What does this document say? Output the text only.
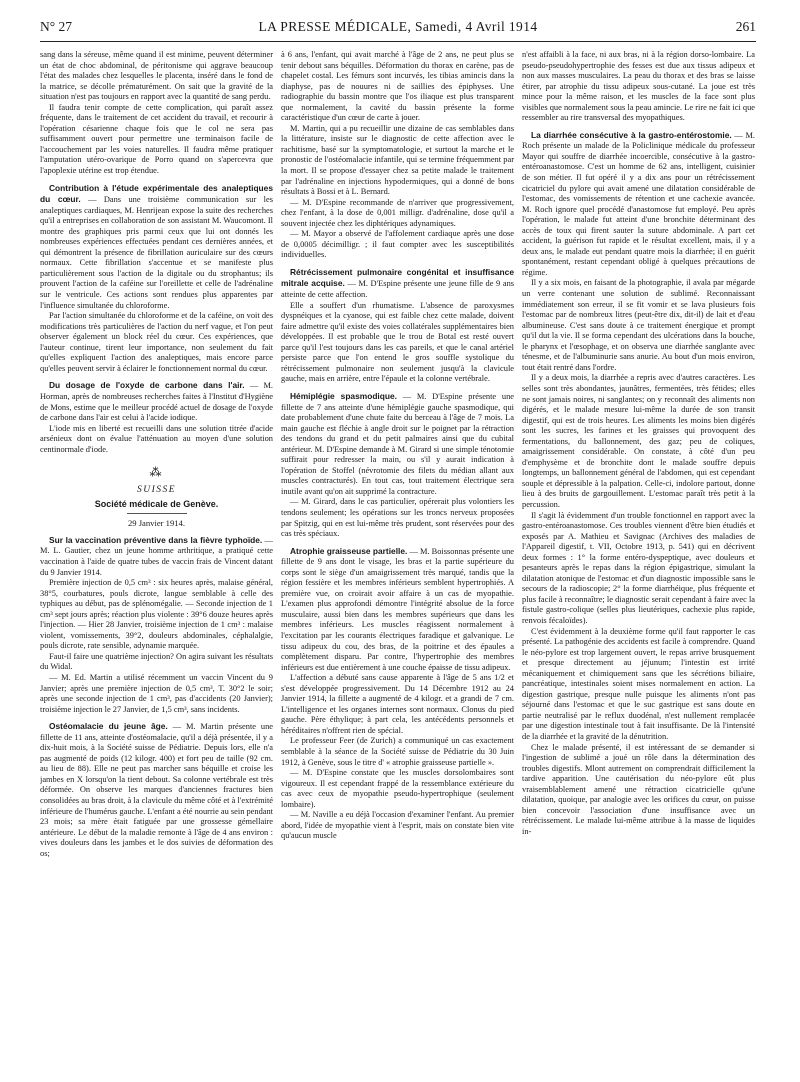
N° 27	LA PRESSE MÉDICALE, Samedi, 4 Avril 1914	261

sang dans la séreuse, même quand il est minime, peuvent déterminer un état de choc abdominal, de péritonisme qui aggrave beaucoup l'état des malades chez lesquelles le placenta, inséré dans le fond de la matrice, se décolle prématurément. On sait que la gravité de la situation n'est pas toujours en rapport avec la quantité de sang perdu.

Il faudra tenir compte de cette complication, qui paraît assez fréquente, dans le traitement de cet accident du travail, et recourir à l'opération césarienne chaque fois que le col ne sera pas suffisamment ouvert pour permettre une terminaison facile de l'accouchement par les voies naturelles. Il faudra même pratiquer l'amputation utéro-ovarique de Porro quand on s'apercevra que l'apoplexie utérine est trop étendue.

Contribution à l'étude expérimentale des analeptiques du cœur. — Dans une troisième communication sur les analeptiques cardiaques, M. Henrijean expose la suite des recherches qu'il a entreprises en collaboration de son assistant M. Waucomont. Il montre des graphiques pris parmi ceux que lui ont donnés les nombreuses expériences effectuées pendant ces dernières années, et qui démontrent la présence de fibrillation auriculaire sur des cœurs normaux. Cette fibrillation s'accentue et se manifeste plus particulièrement sous l'action de la digitale ou du strophantus; ils prouvent l'action de la caféine sur l'oreillette et celle de l'adrénaline sur le ventricule. Ces actions sont rendues plus apparentes par l'influence simultanée du chloroforme.

Par l'action simultanée du chloroforme et de la caféine, on voit des modifications très particulières de l'action du nerf vague, et l'on peut observer également un block réel du cœur. Ces expériences, que l'auteur continue, tirent leur importance, non seulement du fait qu'elles expliquent l'action des analeptiques, mais encore parce qu'elles peuvent servir à éclairer le fonctionnement normal du cœur.

Du dosage de l'oxyde de carbone dans l'air. — M. Horman, après de nombreuses recherches faites à l'Institut d'Hygiène de Mons, estime que le meilleur procédé actuel de dosage de l'oxyde de carbone dans l'air est celui à l'acide iodique.

L'iode mis en liberté est recueilli dans une solution titrée d'acide arsénieux dont on évalue l'atténuation au moyen d'une solution centinormale d'iode.

⁂
SUISSE
Société médicale de Genève.
29 Janvier 1914.

Sur la vaccination préventive dans la fièvre typhoïde. — M. L. Gautier, chez un jeune homme arthritique, a pratiqué cette vaccination à l'aide de quatre tubes de vaccin frais de Vincent datant du 9 Janvier 1914.

Première injection de 0,5 cm³ : six heures après, malaise général, 38°5, courbatures, pouls dicrote, langue semblable à celle des typhiques au début, pas de splénomégalie. — Seconde injection de 1 cm³ sept jours après; réaction plus violente : 39°6 douze heures après l'injection. — Hier 28 Janvier, troisième injection de 1 cm³ : malaise violent, vomissements, 39°2, douleurs abdominales, céphalalgie, pouls dicrote, rate sensible, adynamie marquée.

Faut-il faire une quatrième injection? On agira suivant les résultats du Widal.

— M. Ed. Martin a utilisé récemment un vaccin Vincent du 9 Janvier; après une première injection de 0,5 cm³, T. 30°2 le soir; après une seconde injection de 1 cm³, pas d'accidents (20 Janvier); troisième injection le 27 Janvier, de 1,5 cm³, sans incidents.

Ostéomalacie du jeune âge. — M. Martin présente une fillette de 11 ans, atteinte d'ostéomalacie, qu'il a déjà présentée, il y a dix-huit mois, à la Société suisse de Pédiatrie. Depuis lors, elle n'a pas augmenté de poids (12 kilogr. 400) et fort peu de taille (92 cm. au lieu de 88). Elle ne peut pas marcher sans béquille et croise les jambes en X lorsqu'on la tient debout. Sa colonne vertébrale est très déformée. On observe les marques d'anciennes fractures bien consolidées au bras droit, à la clavicule du même côté et à l'extrémité inférieure de l'humérus gauche. L'enfant a été nourrie au sein pendant 23 mois; sa mère était fatiguée par une grossesse gémellaire antérieure. Le début de la maladie remonte à l'âge de 4 ans environ : vives douleurs dans les jambes et le dos suivies de déformation des os;

à 6 ans, l'enfant, qui avait marché à l'âge de 2 ans, ne peut plus se tenir debout sans béquilles. Déformation du thorax en carène, pas de chapelet costal. Les fémurs sont incurvés, les tibias amincis dans la diaphyse, pas de nouures ni de saillies des épiphyses. Une radiographie du bassin montre que l'os iliaque est plus transparent que normalement, la cavité du bassin présente la forme caractéristique d'un cœur de carte à jouer.

M. Martin, qui a pu recueillir une dizaine de cas semblables dans la littérature, insiste sur le diagnostic de cette affection avec le rachitisme, basé sur la symptomatologie, et surtout la marche et le pronostic de l'ostéomalacie infantile, qui se termine fréquemment par la mort. Il se propose d'essayer chez sa petite malade le traitement par l'adrénaline en injections hypodermiques, qui a donné de bons résultats à Bossi et à L. Bernard.

— M. D'Espine recommande de n'arriver que progressivement, chez l'enfant, à la dose de 0,001 milligr. d'adrénaline, dose qu'il a souvent injectée chez les diphtériques adynamiques.

— M. Mayor a observé de l'affolement cardiaque après une dose de 0,0005 décimilligr. ; il faut compter avec les susceptibilités individuelles.

Rétrécissement pulmonaire congénital et insuffisance mitrale acquise. — M. D'Espine présente une jeune fille de 9 ans atteinte de cette affection.

Elle a souffert d'un rhumatisme. L'absence de paroxysmes dyspnéiques et la cyanose, qui est faible chez cette malade, doivent faire admettre qu'il existe des voies collatérales supplémentaires bien développées. Il est probable que le trou de Botal est resté ouvert parce qu'il l'est toujours dans les cas pareils, et que le canal artériel persiste parce que l'on entend le gros souffle systolique du rétrécissement pulmonaire non seulement jusqu'à la clavicule gauche, mais en arrière, entre l'épaule et la colonne vertébrale.

Hémiplégie spasmodique. — M. D'Espine présente une fillette de 7 ans atteinte d'une hémiplégie gauche spasmodique, qui date probablement d'une chute faite du berceau à l'âge de 7 mois. La main gauche est fléchie à angle droit sur le poignet par la rétraction des tendons du grand et du petit palmaires ainsi que du cubital antérieur. M. D'Espine demande à M. Girard si une simple ténotomie suffirait pour redresser la main, ou s'il y aurait indication à l'opération de Stoffel (névrotomie des filets du médian allant aux muscles contracturés). En tout cas, tout traitement électrique sera inutile avant qu'on ait supprimé la contracture.

— M. Girard, dans le cas particulier, opérerait plus volontiers les tendons seulement; les opérations sur les troncs nerveux proposées par Spitzig, qui en est lui-même très prudent, sont réservées pour des cas très spéciaux.

Atrophie graisseuse partielle. — M. Boissonnas présente une fillette de 9 ans dont le visage, les bras et la partie supérieure du corps sont le siège d'un amaigrissement très marqué, tandis que la région fessière et les membres inférieurs semblent hypertrophiés. A première vue, on croirait avoir affaire à un cas de myopathie. L'examen plus approfondi démontre l'intégrité absolue de la force musculaire, aussi bien dans les membres supérieurs que dans les membres inférieurs. Les muscles réagissent normalement à l'excitation par les courants électriques faradique et galvanique. Le tissu adipeux du cou, des bras, de la poitrine et des épaules a complètement disparu. Par contre, l'hypertrophie des membres inférieurs est due entièrement à une couche épaisse de tissu adipeux.

L'affection a débuté sans cause apparente à l'âge de 5 ans 1/2 et s'est développée progressivement. Du 14 Décembre 1912 au 24 Janvier 1914, la fillette a augmenté de 4 kilogr. et a grandi de 7 cm. L'intelligence et les organes internes sont normaux. Clonus du pied gauche. Père éthylique; à part cela, les antécédents personnels et héréditaires n'offrent rien de spécial.

Le professeur Feer (de Zurich) a communiqué un cas exactement semblable à la séance de la Société suisse de Pédiatrie du 30 Juin 1912, à Genève, sous le titre d' « atrophie graisseuse partielle ».

— M. D'Espine constate que les muscles dorsolombaires sont vigoureux. Il est cependant frappé de la ressemblance extérieure du cas avec ceux de myopathie pseudo-hypertrophique (seulement lombaire).

— M. Naville a eu déjà l'occasion d'examiner l'enfant. Au premier abord, l'idée de myopathie vient à l'esprit, mais on constate bien vite qu'aucun muscle

n'est affaibli à la face, ni aux bras, ni à la région dorso-lombaire. La pseudo-pseudohypertrophie des fesses est due aux tissus adipeux et non aux masses musculaires. La peau du thorax et des bras se laisse étirer, par atrophie du tissu adipeux sous-cutané. La joue est très mince pour la même raison, et les muscles de la face sont plus visibles que normalement sous la peau amincie. Le rire ne fait ici que ressembler au rire transversal des myopathiques.

La diarrhée consécutive à la gastro-entérostomie. — M. Roch présente un malade de la Policlinique médicale du professeur Mayor qui souffre de diarrhée incoercible, consécutive à la gastro-entéroanastomose. C'est un homme de 62 ans, intelligent, cuisinier de son métier. Il fut opéré il y a dix ans pour un rétrécissement cicatriciel du pylore qui avait amené une dilatation considérable de l'estomac, des vomissements de rétention et une cachexie avancée. M. Roch ignore quel procédé d'anastomose fut employé. Peu après l'opération, le malade fut atteint d'une bronchite déterminant des accès de toux qui firent sauter la suture abdominale. A part cet accident, la guérison fut rapide et le résultat excellent, mais, il y a deux ans, le malade eut pendant quatre mois la diarrhée; il en guérit spontanément, restant cependant obligé à quelques précautions de régime.

Il y a six mois, en faisant de la photographie, il avala par mégarde un verre contenant une solution de sublimé. Reconnaissant immédiatement son erreur, il se fit vomir et se lava plusieurs fois l'estomac par de nombreux litres (peut-être dix, dit-il) de lait et d'eau albumineuse. C'est sans doute à ce traitement énergique et prompt qu'il dut la vie. Il se forma cependant des ulcérations dans la bouche, le pharynx et l'œsophage, et on observa une diarrhée sanglante avec ténesme, et de l'albuminurie sans anurie. Au bout d'un mois environ, tout était rentré dans l'ordre.

Il y a deux mois, la diarrhée a repris avec d'autres caractères. Les selles sont très abondantes, jaunâtres, fermentées, très fétides; elles ne sont jamais noires, ni sanglantes; on y reconnaît des aliments non digérés, et le malade mesure lui-même la durée de son transit digestif, qui est de trois heures. Les aliments les moins bien digérés sont les sucres, les farines et les graisses qui provoquent des fermentations, du ballonnement, des gaz; peu de coliques, amaigrissement considérable. On constate, à côté d'un peu d'emphysème et de bronchite dont le malade souffre depuis longtemps, un ballonnement général de l'abdomen, qui est cependant souple et dépressible à la palpation. Celle-ci, indolore partout, donne lieu à des bruits de gargouillement. L'estomac paraît très petit à la percussion.

Il s'agit là évidemment d'un trouble fonctionnel en rapport avec la gastro-entéroanastomose. Ces troubles viennent d'être bien étudiés et exposés par A. Mathieu et Savignac (Archives des maladies de l'Appareil digestif, t. VII, Octobre 1913, p. 541) qui en décrivent deux formes : 1° la forme entéro-dyspeptique, avec douleurs et pesanteurs après le repas dans la région épigastrique, simulant la dilatation atonique de l'estomac et d'un diagnostic impossible sans le secours de la radioscopie; 2° la forme diarrhéique, plus fréquente et plus facile à reconnaître; le diagnostic serait cependant à faire avec la fistule gastro-colique (selles plus lieutériques, cachexie plus rapide, renvois fécaloïdes).

C'est évidemment à la deuxième forme qu'il faut rapporter le cas présenté. La pathogénie des accidents est facile à comprendre. Quand le néo-pylore est trop largement ouvert, le repas arrive brusquement et presque directement au jéjunum; l'intestin est irrité mécaniquement et chimiquement sans que les sécrétions biliaire, pancréatique, intestinales soient mises normalement en action. La digestion gastrique, presque nulle puisque les aliments n'ont pas séjourné dans l'estomac et que le suc gastrique est sans doute en partie neutralisé par le reflux duodénal, n'est nullement remplacée par une digestion intestinale tout à fait insuffisante. De là l'intensité de la diarrhée et la gravité de la dénutrition.

Chez le malade présenté, il est intéressant de se demander si l'ingestion de sublimé a joué un rôle dans la détermination des troubles digestifs. Mlont autrement on comprendrait difficilement la tardive apparition. Une cautérisation du néo-pylore eût plus vraisemblablement amené une rétraction cicatricielle qu'une dilatation, quoique, par analogie avec les orifices du cœur, on puisse bien concevoir l'association d'une insuffisance avec un rétrécissement. Le malade lui-même attribue à la masse de liquides in-
